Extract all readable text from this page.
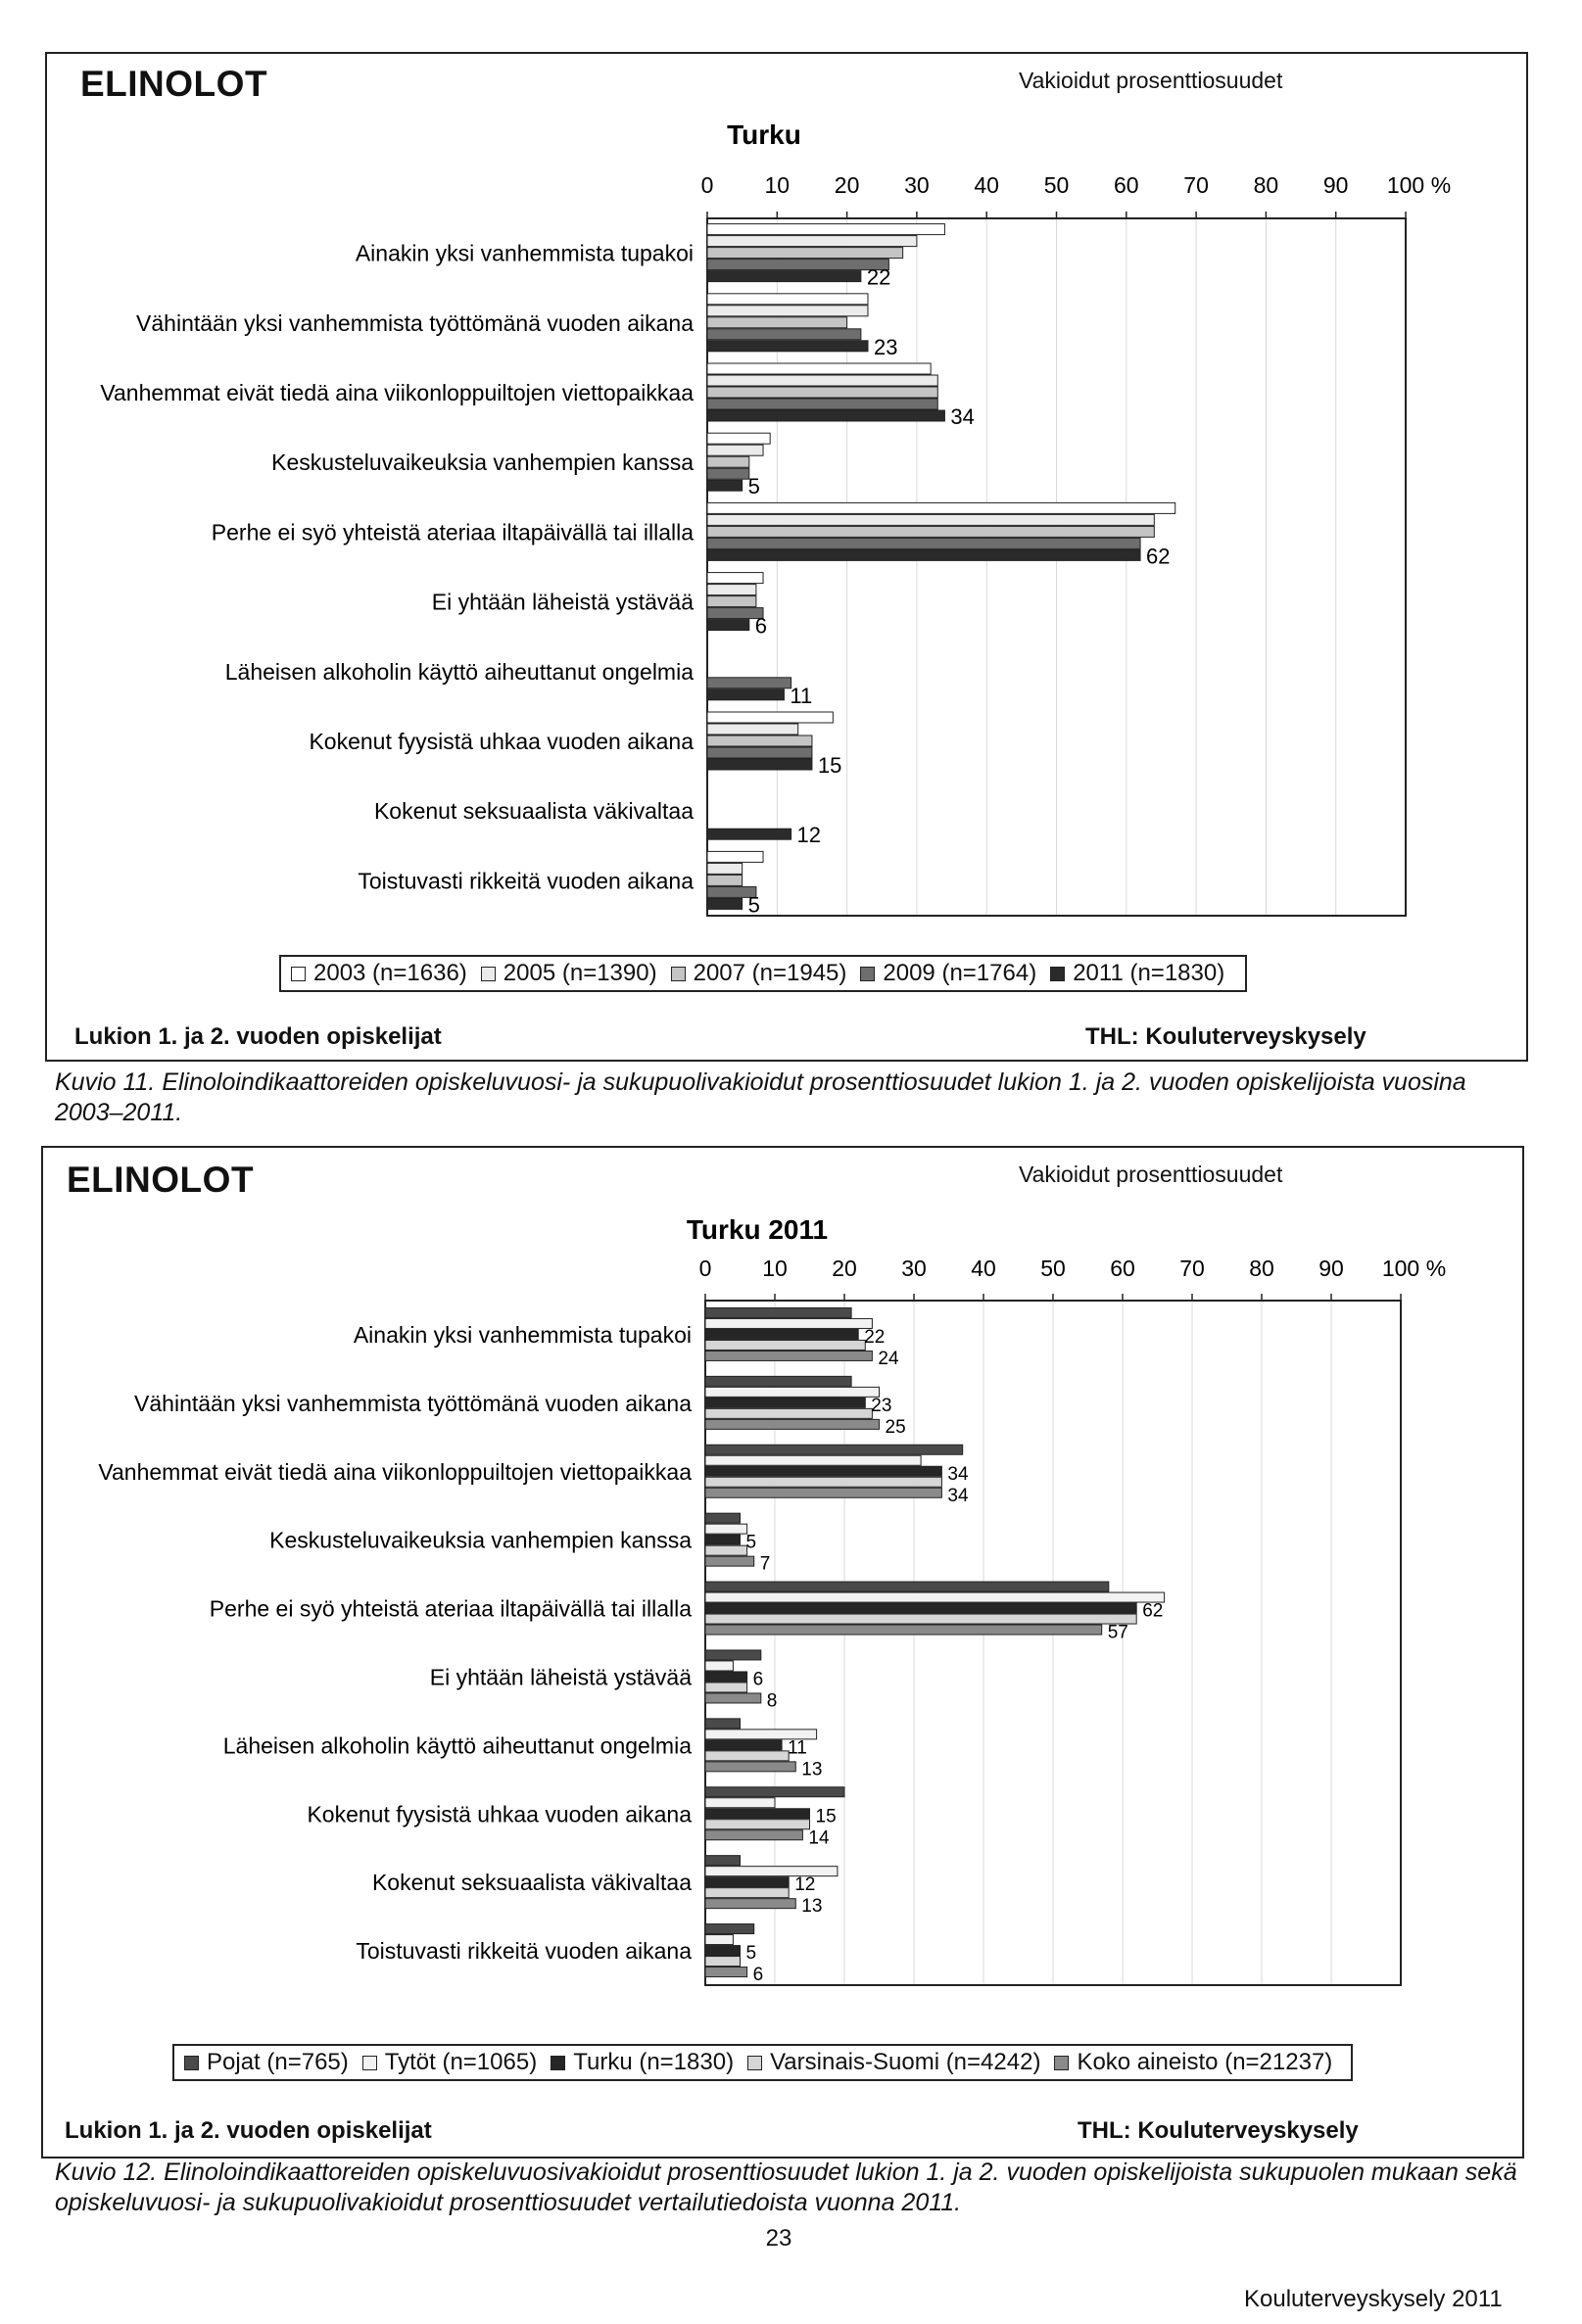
ELINOLOT	Vakioidut prosenttiosuudet
Lukion 1. ja 2. vuoden opiskelijat	THL: Kouluterveyskysely
Turku
0 10 20 30 40 50 60 70 80 90 100 %
Ainakin yksi vanhemmista tupakoi
22
Vähintään yksi vanhemmista työttömänä vuoden aikana
23
Vanhemmat eivät tiedä aina viikonloppuiltojen viettopaikkaa
34
Keskusteluvaikeuksia vanhempien kanssa
5
Perhe ei syö yhteistä ateriaa iltapäivällä tai illalla
62
Ei yhtään läheistä ystävää
6
Läheisen alkoholin käyttö aiheuttanut ongelmia
11
Kokenut fyysistä uhkaa vuoden aikana
15
Kokenut seksuaalista väkivaltaa
12
Toistuvasti rikkeitä vuoden aikana
5
2003 (n=1636) 2005 (n=1390) 2007 (n=1945) 2009 (n=1764) 2011 (n=1830)
Kuvio 11. Elinoloindikaattoreiden opiskeluvuosi- ja sukupuolivakioidut prosenttiosuudet lukion 1. ja 2. vuoden opiskelijoista vuosina 2003–2011.
ELINOLOT	Vakioidut prosenttiosuudet
Lukion 1. ja 2. vuoden opiskelijat	THL: Kouluterveyskysely
Turku 2011
0 10 20 30 40 50 60 70 80 90 100 %
Ainakin yksi vanhemmista tupakoi	22
24
Vähintään yksi vanhemmista työttömänä vuoden aikana	23
25
Vanhemmat eivät tiedä aina viikonloppuiltojen viettopaikkaa	34
34
Keskusteluvaikeuksia vanhempien kanssa	5
7
Perhe ei syö yhteistä ateriaa iltapäivällä tai illalla	62
57
Ei yhtään läheistä ystävää	6
8
Läheisen alkoholin käyttö aiheuttanut ongelmia	11
13
Kokenut fyysistä uhkaa vuoden aikana	15
14
Kokenut seksuaalista väkivaltaa	12
13
Toistuvasti rikkeitä vuoden aikana	5
6
Pojat (n=765) Tytöt (n=1065) Turku (n=1830) Varsinais-Suomi (n=4242) Koko aineisto (n=21237)
Kuvio 12. Elinoloindikaattoreiden opiskeluvuosivakioidut prosenttiosuudet lukion 1. ja 2. vuoden opiskelijoista sukupuolen mukaan sekä opiskeluvuosi- ja sukupuolivakioidut prosenttiosuudet vertailutiedoista vuonna 2011.
23
Kouluterveyskysely 2011
